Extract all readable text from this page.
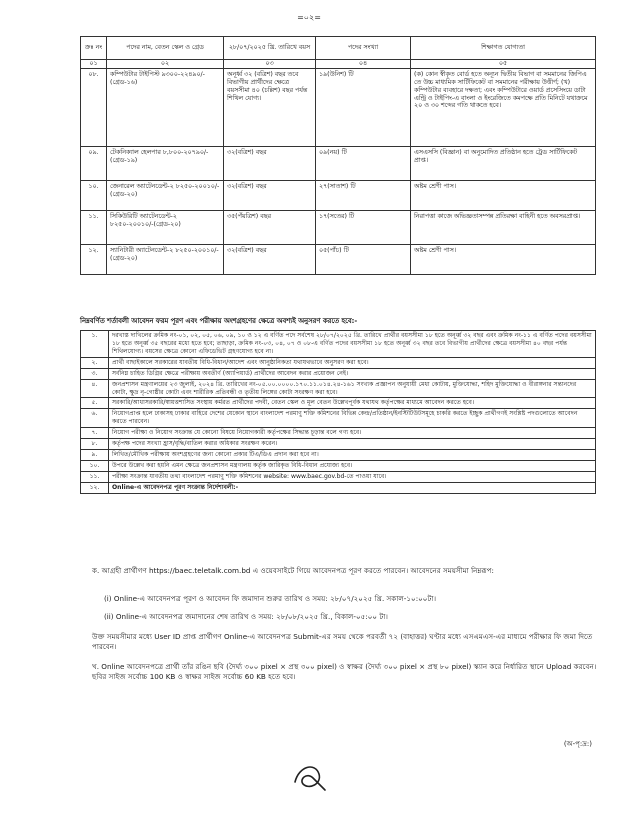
=০২=
ক্রঃ নং	পদের নাম, বেতন স্কেল ও গ্রেড	২৮/০৭/২০২৫ খ্রি. তারিখে বয়স	পদের সংখ্যা	শিক্ষাগত যোগ্যতা
০১	০২	০৩	০৪	০৫
০৮.	কম্পিউটার টাইপিস্ট ৯৩০০-২২৪৯০/-(গ্রেড-১৬)	অনূর্ধ্ব ৩২ (বত্রিশ) বছর তবে বিভাগীয় প্রার্থীদের ক্ষেত্রে বয়সসীমা ৪০ (চল্লিশ) বছর পর্যন্ত শিথিল যোগ্য।	১৯(উনিশ) টি	(ক) কোন স্বীকৃত বোর্ড হতে অন্যূন দ্বিতীয় বিভাগ বা সমমানের জিপিএ তে উচ্চ মাধ্যমিক সার্টিফিকেট বা সমমানের পরীক্ষায় উত্তীর্ণ; (খ) কম্পিউটার ব্যবহারে দক্ষতা; এবং কম্পিউটারে ওয়ার্ড প্রসেসিংয়ে ডাটা এন্ট্রি ও টাইপিং-এ বাংলা ও ইংরেজিতে কমপক্ষে প্রতি মিনিটে যথাক্রমে ২০ ও ৩০ শব্দের গতি থাকতে হবে।
০৯.	টেকনিক্যাল হেলপার ৮,৮০০-২০৭৯০/-(গ্রেড-১৯)	৩২(বত্রিশ) বছর	০৯(নয়) টি	এসএসসি (বিজ্ঞান) বা অনুমোদিত প্রতিষ্ঠান হতে ট্রেড সার্টিফিকেট প্রাপ্ত।
১০.	জেনারেল অ্যাটেনডেন্ট-২ ৮২৫০-২০০১০/-(গ্রেড-২০)	৩২(বত্রিশ) বছর	২৭(সাতাশ) টি	অষ্টম শ্রেণী পাস।
১১.	সিকিউরিটি অ্যাটেনডেন্ট-২ ৮২৫০-২০০১০/-(গ্রেড-২০)	৩৫(পঁয়ত্রিশ) বছর	১৭(সতের) টি	নিরাপত্তা কাজে অভিজ্ঞতাসম্পন্ন প্রতিরক্ষা বাহিনী হতে অবসরপ্রাপ্ত।
১২.	স্যানিটারী অ্যাটেনডেন্ট-২ ৮২৫০-২০০১০/-(গ্রেড-২০)	৩২(বত্রিশ) বছর	০৫(পাঁচ) টি	অষ্টম শ্রেণী পাস।
নিম্নবর্ণিত শর্তাবলী আবেদন ফরম পূরণ এবং পরীক্ষায় অংশগ্রহণের ক্ষেত্রে অবশ্যই অনুসরণ করতে হবে:-
১.	দরখাস্ত দাখিলের ক্রমিক নং-০১, ০২, ০৫, ০৬, ০৯, ১০ ও ১২ এ বর্ণিত পদে সর্বশেষ ২৮/০৭/২০২৫ খ্রি. তারিখে প্রার্থীর বয়সসীমা ১৮ হতে অনূর্ধ্ব ৩২ বছর এবং ক্রমিক নং-১১ এ বর্ণিত পদের বয়সসীমা ১৮ হতে অনূর্ধ্ব ৩৫ বছরের মধ্যে হতে হবে; তাছাড়া, ক্রমিক নং-০৩, ০৪, ০৭ ও ০৮-এ বর্ণিত পদের বয়সসীমা ১৮ হতে অনূর্ধ্ব ৩২ বছর তবে বিভাগীয় প্রার্থীদের ক্ষেত্রে বয়সসীমা ৪০ বছর পর্যন্ত শিথিলযোগ্য। বয়সের ক্ষেত্রে কোনো এফিডেভিট গ্রহণযোগ্য হবে না।
২.	প্রার্থী বাছাইকালে সরকারের যাবতীয় বিধি-বিধান/আদেশ এবং আনুষ্ঠানিকতা যথাযথভাবে অনুসরণ করা হবে।
৩.	সর্বনিম্ন চাহিত ডিগ্রির ক্ষেত্রে পরীক্ষায় অবতীর্ণ (অ্যাপিয়ার্ড) প্রার্থীদের আবেদন করার প্রয়োজন নেই।
৪.	জনপ্রশাসন মন্ত্রণালয়ের ২৩ জুলাই, ২০২৪ খ্রি. তারিখের নং-০৫.০০.০০০০.১৭০.১১.০১৪.২৪-১৬১ সংখ্যক প্রজ্ঞাপন অনুযায়ী মেধা কোটায়, মুক্তিযোদ্ধা, শহিদ মুক্তিযোদ্ধা ও বীরাঙ্গনার সন্তানদের কোটা, ক্ষুদ্র নৃ-গোষ্ঠীর কোটা এবং শারীরিক প্রতিবন্ধী ও তৃতীয় লিঙ্গের কোটা সংরক্ষণ করা হবে।
৫.	সরকারি/আধাসরকারি/স্বায়ত্তশাসিত সংস্থায় কর্মরত প্রার্থীদের পদবী, বেতন স্কেল ও মূল বেতন উল্লেখপূর্বক যথাযথ কর্তৃপক্ষের মাধ্যমে আবেদন করতে হবে।
৬.	নিয়োগপ্রাপ্ত হলে ঢাকাসহ ঢাকার বাহিরে দেশের যেকোন স্থানে বাংলাদেশ পরমাণু শক্তি কমিশনের বিভিন্ন কেন্দ্র/প্রতিষ্ঠান/ইনস্টিটিউটসমূহে চাকরি করতে ইচ্ছুক প্রার্থীগণই সংশ্লিষ্ট পদগুলোতে আবেদন করতে পারবেন।
৭.	নিয়োগ পরীক্ষা ও নিয়োগ সংক্রান্ত যে কোনো বিষয়ে নিয়োগকারী কর্তৃপক্ষের সিদ্ধান্ত চূড়ান্ত বলে গণ্য হবে।
৮.	কর্তৃপক্ষ পদের সংখ্যা হ্রাস/বৃদ্ধি/বাতিল করার অধিকার সংরক্ষণ করেন।
৯.	লিখিত/মৌখিক পরীক্ষায় অংশগ্রহণের জন্য কোনো প্রকার টিএ/ডিএ প্রদান করা হবে না।
১০.	উপরে উল্লেখ করা হয়নি এমন ক্ষেত্রে জনপ্রশাসন মন্ত্রণালয় কর্তৃক জারিকৃত বিধি-বিধান প্রযোজ্য হবে।
১১.	পরীক্ষা সংক্রান্ত যাবতীয় তথ্য বাংলাদেশ পরমাণু শক্তি কমিশনের website: www.baec.gov.bd-তে পাওয়া যাবে।
১২.	Online-এ আবেদনপত্র পূরণ সংক্রান্ত নির্দেশাবলী:-
ক. আগ্রহী প্রার্থীগণ https://baec.teletalk.com.bd এ ওয়েবসাইটে গিয়ে আবেদনপত্র পূরণ করতে পারবেন। আবেদনের সময়সীমা নিম্নরূপ:
(i) Online-এ আবেদনপত্র পূরণ ও আবেদন ফি জমাদান শুরুর তারিখ ও সময়: ২৮/০৭/২০২৫ খ্রি. সকাল-১০:০০টা।
(ii) Online-এ আবেদনপত্র জমাদানের শেষ তারিখ ও সময়: ২৮/০৮/২০২৫ খ্রি., বিকাল-০৫:০০ টা।
উক্ত সময়সীমার মধ্যে User ID প্রাপ্ত প্রার্থীগণ Online-এ আবেদনপত্র Submit-এর সময় থেকে পরবর্তী ৭২ (বাহাত্তর) ঘণ্টার মধ্যে এসএমএস-এর মাধ্যমে পরীক্ষার ফি জমা দিতে পারবেন।
খ. Online আবেদনপত্রে প্রার্থী তাঁর রঙিন ছবি (দৈর্ঘ্য ৩০০ pixel × প্রস্থ ৩০০ pixel) ও স্বাক্ষর (দৈর্ঘ্য ৩০০ pixel × প্রস্থ ৮০ pixel) স্ক্যান করে নির্ধারিত স্থানে Upload করবেন। ছবির সাইজ সর্বোচ্চ 100 KB ও স্বাক্ষর সাইজ সর্বোচ্চ 60 KB হতে হবে।
(অ-পৃ:দ্র:)
